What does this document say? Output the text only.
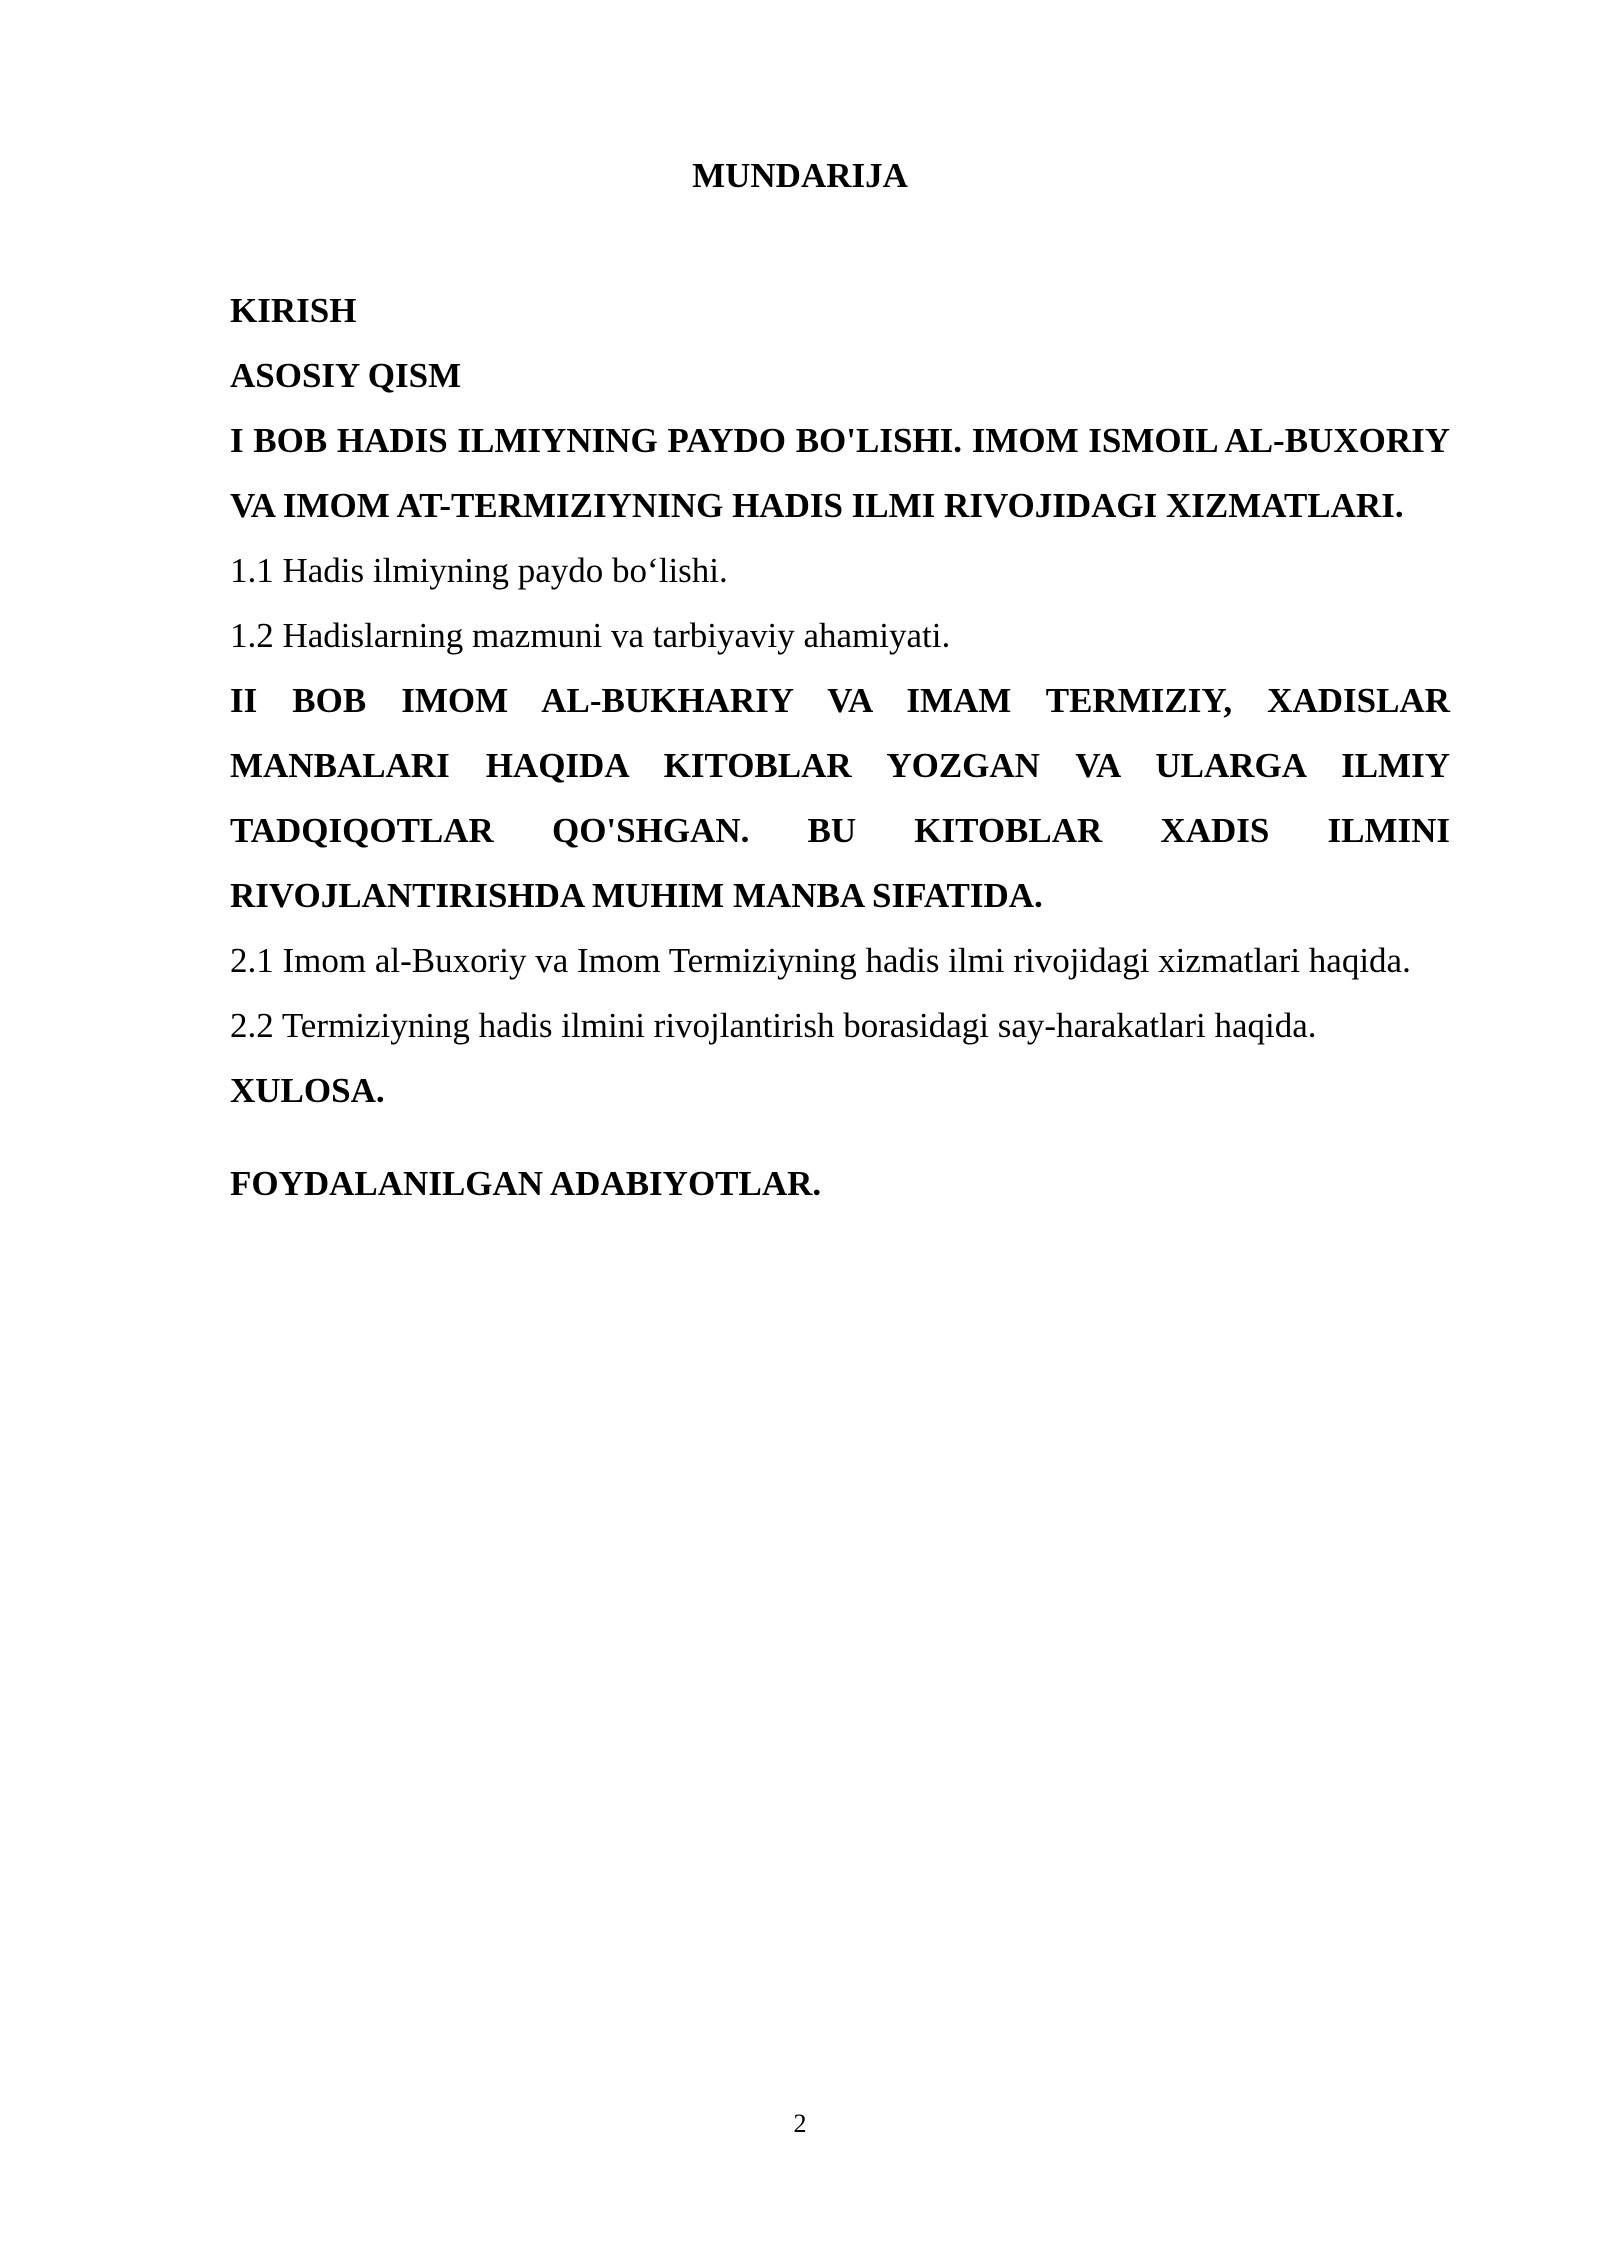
MUNDARIJA

KIRISH

ASOSIY QISM

I BOB HADIS ILMIYNING PAYDO BO'LISHI. IMOM ISMOIL AL-BUXORIY VA IMOM AT-TERMIZIYNING HADIS ILMI RIVOJIDAGI XIZMATLARI.

1.1 Hadis ilmiyning paydo bo‘lishi.

1.2 Hadislarning mazmuni va tarbiyaviy ahamiyati.

II BOB IMOM AL-BUKHARIY VA IMAM TERMIZIY, XADISLAR MANBALARI HAQIDA KITOBLAR YOZGAN VA ULARGA ILMIY TADQIQOTLAR QO'SHGAN. BU KITOBLAR XADIS ILMINI RIVOJLANTIRISHDA MUHIM MANBA SIFATIDA.

2.1 Imom al-Buxoriy va Imom Termiziyning hadis ilmi rivojidagi xizmatlari haqida.

2.2 Termiziyning hadis ilmini rivojlantirish borasidagi say-harakatlari haqida.

XULOSA.

FOYDALANILGAN ADABIYOTLAR.

2
